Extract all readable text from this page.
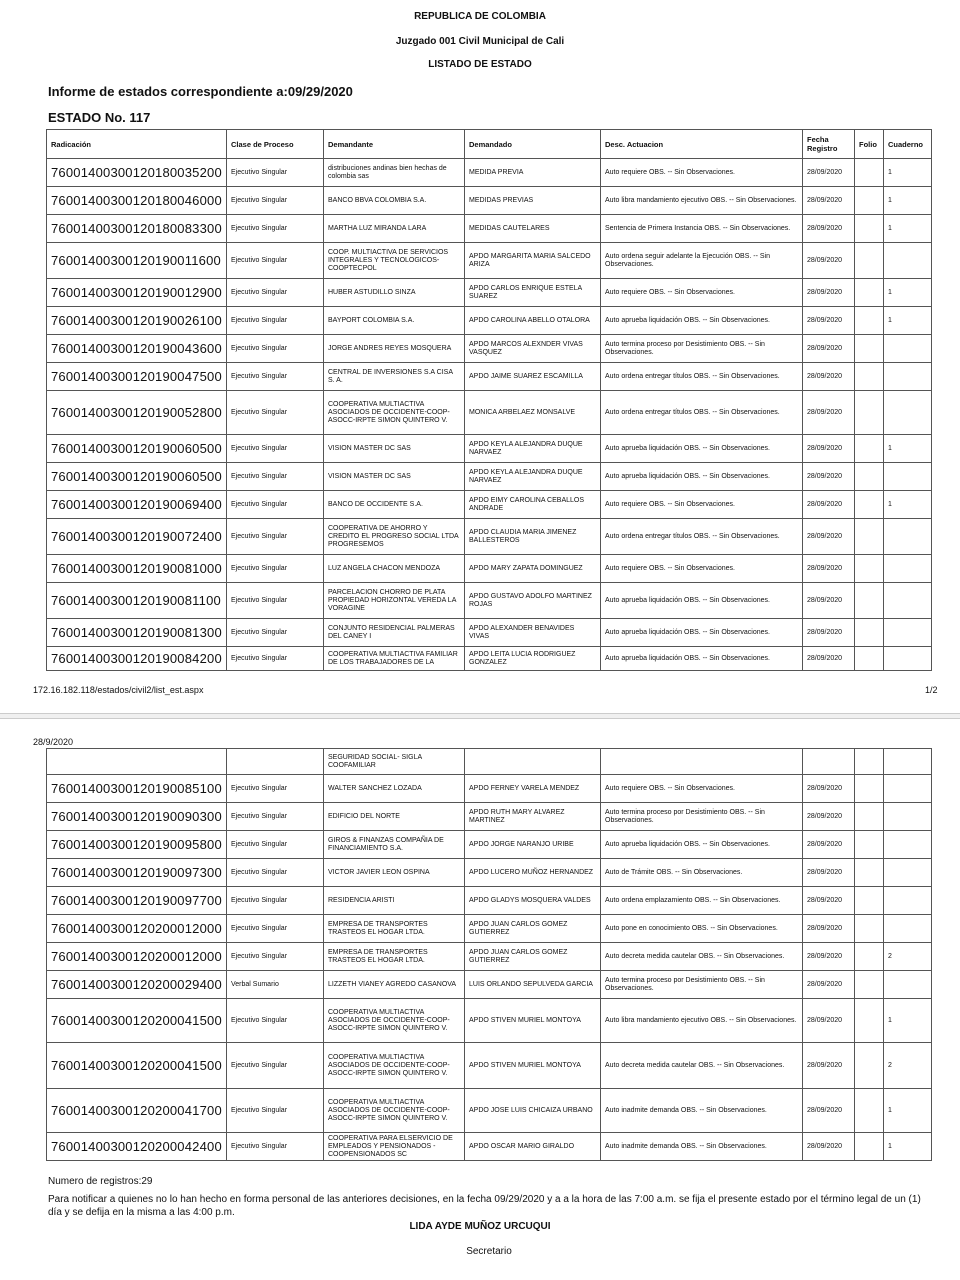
REPUBLICA DE COLOMBIA
Juzgado 001 Civil Municipal de Cali
LISTADO DE ESTADO
Informe de estados correspondiente a:09/29/2020
ESTADO No. 117
Radicación	Clase de Proceso	Demandante	Demandado	Desc. Actuacion	Fecha Registro	Folio	Cuaderno
76001400300120180035200	Ejecutivo Singular	distribuciones andinas bien hechas de colombia sas	MEDIDA PREVIA	Auto requiere OBS. -- Sin Observaciones.	28/09/2020		1
76001400300120180046000	Ejecutivo Singular	BANCO BBVA COLOMBIA S.A.	MEDIDAS PREVIAS	Auto libra mandamiento ejecutivo OBS. -- Sin Observaciones.	28/09/2020		1
76001400300120180083300	Ejecutivo Singular	MARTHA LUZ MIRANDA LARA	MEDIDAS CAUTELARES	Sentencia de Primera Instancia OBS. -- Sin Observaciones.	28/09/2020		1
76001400300120190011600	Ejecutivo Singular	COOP. MULTIACTIVA DE SERVICIOS INTEGRALES Y TECNOLOGICOS-COOPTECPOL	APDO MARGARITA MARIA SALCEDO ARIZA	Auto ordena seguir adelante la Ejecución OBS. -- Sin Observaciones.	28/09/2020		
76001400300120190012900	Ejecutivo Singular	HUBER ASTUDILLO SINZA	APDO CARLOS ENRIQUE ESTELA SUAREZ	Auto requiere OBS. -- Sin Observaciones.	28/09/2020		1
76001400300120190026100	Ejecutivo Singular	BAYPORT COLOMBIA S.A.	APDO CAROLINA ABELLO OTALORA	Auto aprueba liquidación OBS. -- Sin Observaciones.	28/09/2020		1
76001400300120190043600	Ejecutivo Singular	JORGE ANDRES REYES MOSQUERA	APDO MARCOS ALEXNDER VIVAS VASQUEZ	Auto termina proceso por Desistimiento OBS. -- Sin Observaciones.	28/09/2020		
76001400300120190047500	Ejecutivo Singular	CENTRAL DE INVERSIONES S.A CISA S. A.	APDO JAIME SUAREZ ESCAMILLA	Auto ordena entregar títulos OBS. -- Sin Observaciones.	28/09/2020		
76001400300120190052800	Ejecutivo Singular	COOPERATIVA MULTIACTIVA ASOCIADOS DE OCCIDENTE-COOP-ASOCC-IRPTE SIMON QUINTERO V.	MONICA ARBELAEZ MONSALVE	Auto ordena entregar títulos OBS. -- Sin Observaciones.	28/09/2020		
76001400300120190060500	Ejecutivo Singular	VISION MASTER DC SAS	APDO KEYLA ALEJANDRA DUQUE NARVAEZ	Auto aprueba liquidación OBS. -- Sin Observaciones.	28/09/2020		1
76001400300120190060500	Ejecutivo Singular	VISION MASTER DC SAS	APDO KEYLA ALEJANDRA DUQUE NARVAEZ	Auto aprueba liquidación OBS. -- Sin Observaciones.	28/09/2020		
76001400300120190069400	Ejecutivo Singular	BANCO DE OCCIDENTE S.A.	APDO EIMY CAROLINA CEBALLOS ANDRADE	Auto requiere OBS. -- Sin Observaciones.	28/09/2020		1
76001400300120190072400	Ejecutivo Singular	COOPERATIVA DE AHORRO Y CREDITO EL PROGRESO SOCIAL LTDA PROGRESEMOS	APDO CLAUDIA MARIA JIMENEZ BALLESTEROS	Auto ordena entregar títulos OBS. -- Sin Observaciones.	28/09/2020		
76001400300120190081000	Ejecutivo Singular	LUZ ANGELA CHACON MENDOZA	APDO MARY ZAPATA DOMINGUEZ	Auto requiere OBS. -- Sin Observaciones.	28/09/2020		
76001400300120190081100	Ejecutivo Singular	PARCELACION CHORRO DE PLATA PROPIEDAD HORIZONTAL VEREDA LA VORAGINE	APDO GUSTAVO ADOLFO MARTINEZ ROJAS	Auto aprueba liquidación OBS. -- Sin Observaciones.	28/09/2020		
76001400300120190081300	Ejecutivo Singular	CONJUNTO RESIDENCIAL PALMERAS DEL CANEY I	APDO ALEXANDER BENAVIDES VIVAS	Auto aprueba liquidación OBS. -- Sin Observaciones.	28/09/2020		
76001400300120190084200	Ejecutivo Singular	COOPERATIVA MULTIACTIVA FAMILIAR DE LOS TRABAJADORES DE LA	APDO LEITA LUCIA RODRIGUEZ GONZALEZ	Auto aprueba liquidación OBS. -- Sin Observaciones.	28/09/2020		
172.16.182.118/estados/civil2/list_est.aspx	1/2
28/9/2020
		SEGURIDAD SOCIAL- SIGLA COOFAMILIAR					
76001400300120190085100	Ejecutivo Singular	WALTER SANCHEZ LOZADA	APDO FERNEY VARELA MENDEZ	Auto requiere OBS. -- Sin Observaciones.	28/09/2020		
76001400300120190090300	Ejecutivo Singular	EDIFICIO DEL NORTE	APDO RUTH MARY ALVAREZ MARTINEZ	Auto termina proceso por Desistimiento OBS. -- Sin Observaciones.	28/09/2020		
76001400300120190095800	Ejecutivo Singular	GIROS & FINANZAS COMPAÑIA DE FINANCIAMIENTO S.A.	APDO JORGE NARANJO URIBE	Auto aprueba liquidación OBS. -- Sin Observaciones.	28/09/2020		
76001400300120190097300	Ejecutivo Singular	VICTOR JAVIER LEON OSPINA	APDO LUCERO MUÑOZ HERNANDEZ	Auto de Trámite OBS. -- Sin Observaciones.	28/09/2020		
76001400300120190097700	Ejecutivo Singular	RESIDENCIA ARISTI	APDO GLADYS MOSQUERA VALDES	Auto ordena emplazamiento OBS. -- Sin Observaciones.	28/09/2020		
76001400300120200012000	Ejecutivo Singular	EMPRESA DE TRANSPORTES TRASTEOS EL HOGAR LTDA.	APDO JUAN CARLOS GOMEZ GUTIERREZ	Auto pone en conocimiento OBS. -- Sin Observaciones.	28/09/2020		
76001400300120200012000	Ejecutivo Singular	EMPRESA DE TRANSPORTES TRASTEOS EL HOGAR LTDA.	APDO JUAN CARLOS GOMEZ GUTIERREZ	Auto decreta medida cautelar OBS. -- Sin Observaciones.	28/09/2020		2
76001400300120200029400	Verbal Sumario	LIZZETH VIANEY AGREDO CASANOVA	LUIS ORLANDO SEPULVEDA GARCIA	Auto termina proceso por Desistimiento OBS. -- Sin Observaciones.	28/09/2020		
76001400300120200041500	Ejecutivo Singular	COOPERATIVA MULTIACTIVA ASOCIADOS DE OCCIDENTE-COOP-ASOCC-IRPTE SIMON QUINTERO V.	APDO STIVEN MURIEL MONTOYA	Auto libra mandamiento ejecutivo OBS. -- Sin Observaciones.	28/09/2020		1
76001400300120200041500	Ejecutivo Singular	COOPERATIVA MULTIACTIVA ASOCIADOS DE OCCIDENTE-COOP-ASOCC-IRPTE SIMON QUINTERO V.	APDO STIVEN MURIEL MONTOYA	Auto decreta medida cautelar OBS. -- Sin Observaciones.	28/09/2020		2
76001400300120200041700	Ejecutivo Singular	COOPERATIVA MULTIACTIVA ASOCIADOS DE OCCIDENTE-COOP-ASOCC-IRPTE SIMON QUINTERO V.	APDO JOSE LUIS CHICAIZA URBANO	Auto inadmite demanda OBS. -- Sin Observaciones.	28/09/2020		1
76001400300120200042400	Ejecutivo Singular	COOPERATIVA PARA ELSERVICIO DE EMPLEADOS Y PENSIONADOS -COOPENSIONADOS SC	APDO OSCAR MARIO GIRALDO	Auto inadmite demanda OBS. -- Sin Observaciones.	28/09/2020		1
Numero de registros:29
Para notificar a quienes no lo han hecho en forma personal de las anteriores decisiones, en la fecha 09/29/2020 y a a la hora de las 7:00 a.m. se fija el presente estado por el término legal de un (1) día y se defija en la misma a las 4:00 p.m.
LIDA AYDE MUÑOZ URCUQUI
Secretario
